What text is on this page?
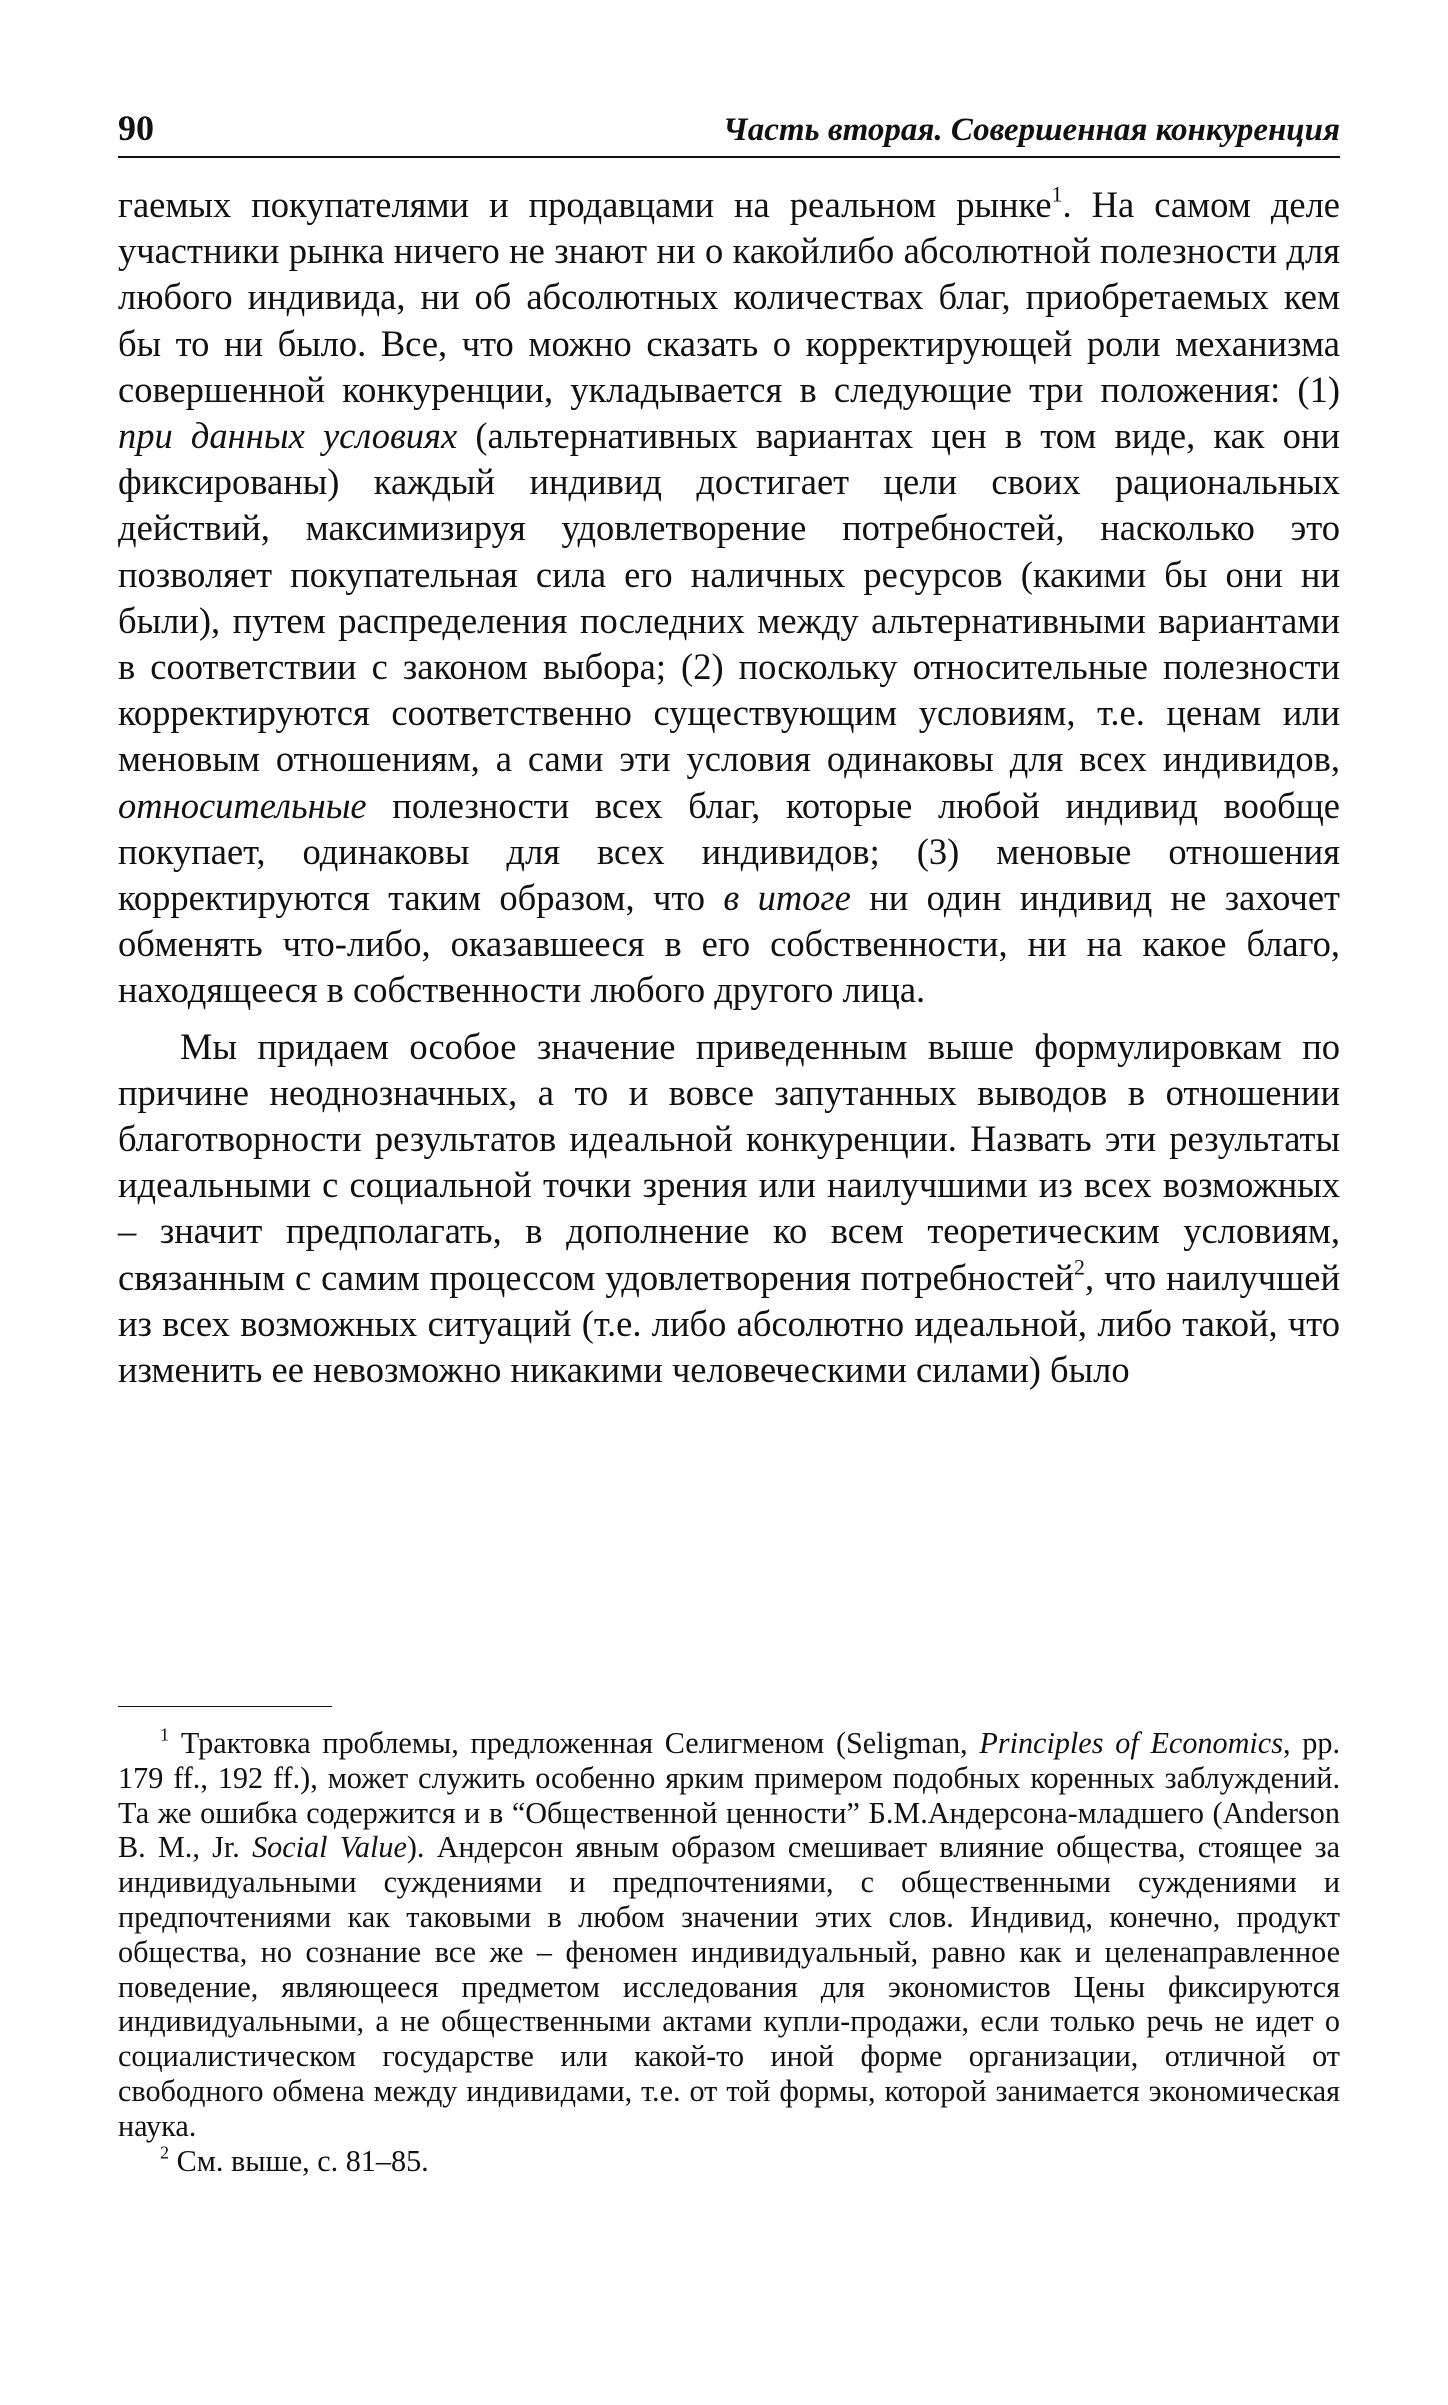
90	Часть вторая. Совершенная конкуренция

гаемых покупателями и продавцами на реальном рынке$^1$. На самом деле участники рынка ничего не знают ни о какойлибо абсолютной полезности для любого индивида, ни об абсолютных количествах благ, приобретаемых кем бы то ни было. Все, что можно сказать о корректирующей роли механизма совершенной конкуренции, укладывается в следующие три положения: (1) при данных условиях (альтернативных вариантах цен в том виде, как они фиксированы) каждый индивид достигает цели своих рациональных действий, максимизируя удовлетворение потребностей, насколько это позволяет покупательная сила его наличных ресурсов (какими бы они ни были), путем распределения последних между альтернативными вариантами в соответствии с законом выбора; (2) поскольку относительные полезности корректируются соответственно существующим условиям, т.е. ценам или меновым отношениям, а сами эти условия одинаковы для всех индивидов, относительные полезности всех благ, которые любой индивид вообще покупает, одинаковы для всех индивидов; (3) меновые отношения корректируются таким образом, что в итоге ни один индивид не захочет обменять что-либо, оказавшееся в его собственности, ни на какое благо, находящееся в собственности любого другого лица.

Мы придаем особое значение приведенным выше формулировкам по причине неоднозначных, а то и вовсе запутанных выводов в отношении благотворности результатов идеальной конкуренции. Назвать эти результаты идеальными с социальной точки зрения или наилучшими из всех возможных – значит предполагать, в дополнение ко всем теоретическим условиям, связанным с самим процессом удовлетворения потребностей$^2$, что наилучшей из всех возможных ситуаций (т.е. либо абсолютно идеальной, либо такой, что изменить ее невозможно никакими человеческими силами) было

$^1$ Трактовка проблемы, предложенная Селигменом (Seligman, Principles of Economics, pp. 179 ff., 192 ff.), может служить особенно ярким примером подобных коренных заблуждений. Та же ошибка содержится и в “Общественной ценности” Б.М.Андерсона-младшего (Anderson B. M., Jr. Social Value). Андерсон явным образом смешивает влияние общества, стоящее за индивидуальными суждениями и предпочтениями, с общественными суждениями и предпочтениями как таковыми в любом значении этих слов. Индивид, конечно, продукт общества, но сознание все же – феномен индивидуальный, равно как и целенаправленное поведение, являющееся предметом исследования для экономистов Цены фиксируются индивидуальными, а не общественными актами купли-продажи, если только речь не идет о социалистическом государстве или какой-то иной форме организации, отличной от свободного обмена между индивидами, т.е. от той формы, которой занимается экономическая наука.

$^2$ См. выше, с. 81–85.
